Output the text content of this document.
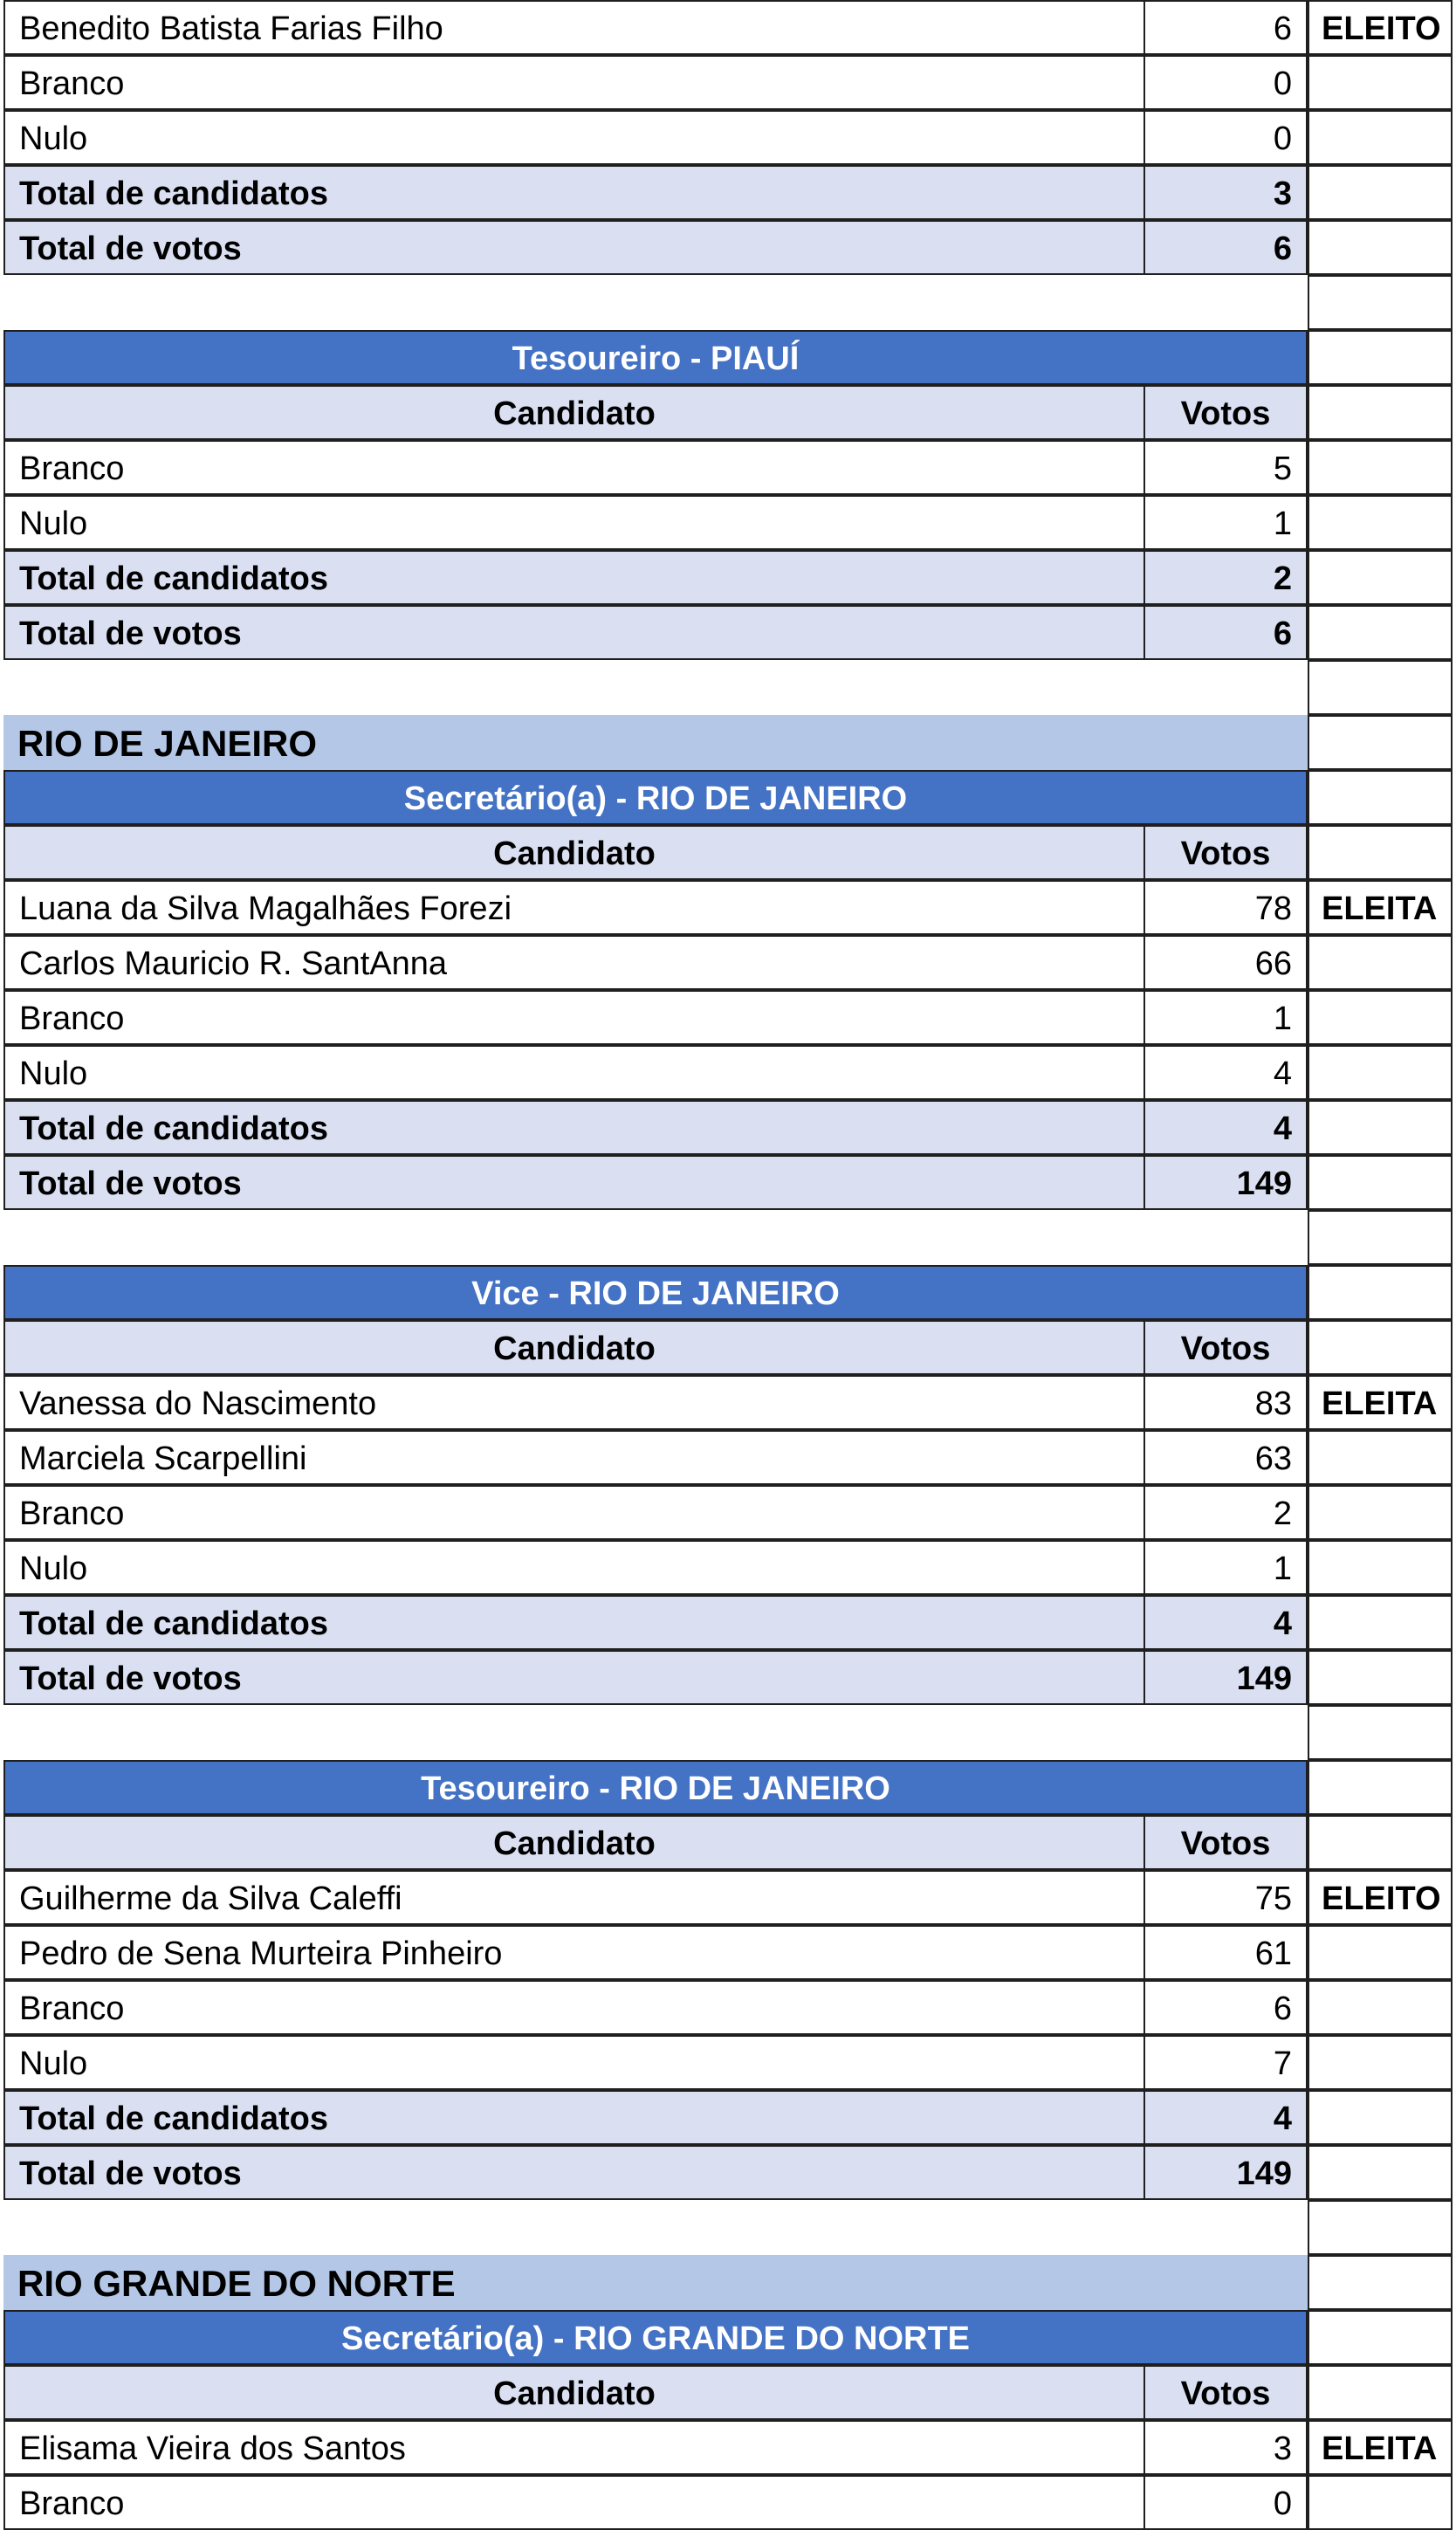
Benedito Batista Farias Filho	6 ELEITO
Branco	0
Nulo	0
Total de candidatos	3
Total de votos	6
Tesoureiro - PIAUÍ
Candidato	Votos
Branco	5
Nulo	1
Total de candidatos	2
Total de votos	6
RIO DE JANEIRO
Secretário(a) - RIO DE JANEIRO
Candidato	Votos
Luana da Silva Magalhães Forezi	78 ELEITA
Carlos Mauricio R. SantAnna	66
Branco	1
Nulo	4
Total de candidatos	4
Total de votos	149
Vice - RIO DE JANEIRO
Candidato	Votos
Vanessa do Nascimento	83 ELEITA
Marciela Scarpellini	63
Branco	2
Nulo	1
Total de candidatos	4
Total de votos	149
Tesoureiro - RIO DE JANEIRO
Candidato	Votos
Guilherme da Silva Caleffi	75 ELEITO
Pedro de Sena Murteira Pinheiro	61
Branco	6
Nulo	7
Total de candidatos	4
Total de votos	149
RIO GRANDE DO NORTE
Secretário(a) - RIO GRANDE DO NORTE
Candidato	Votos
Elisama Vieira dos Santos	3 ELEITA
Branco	0
